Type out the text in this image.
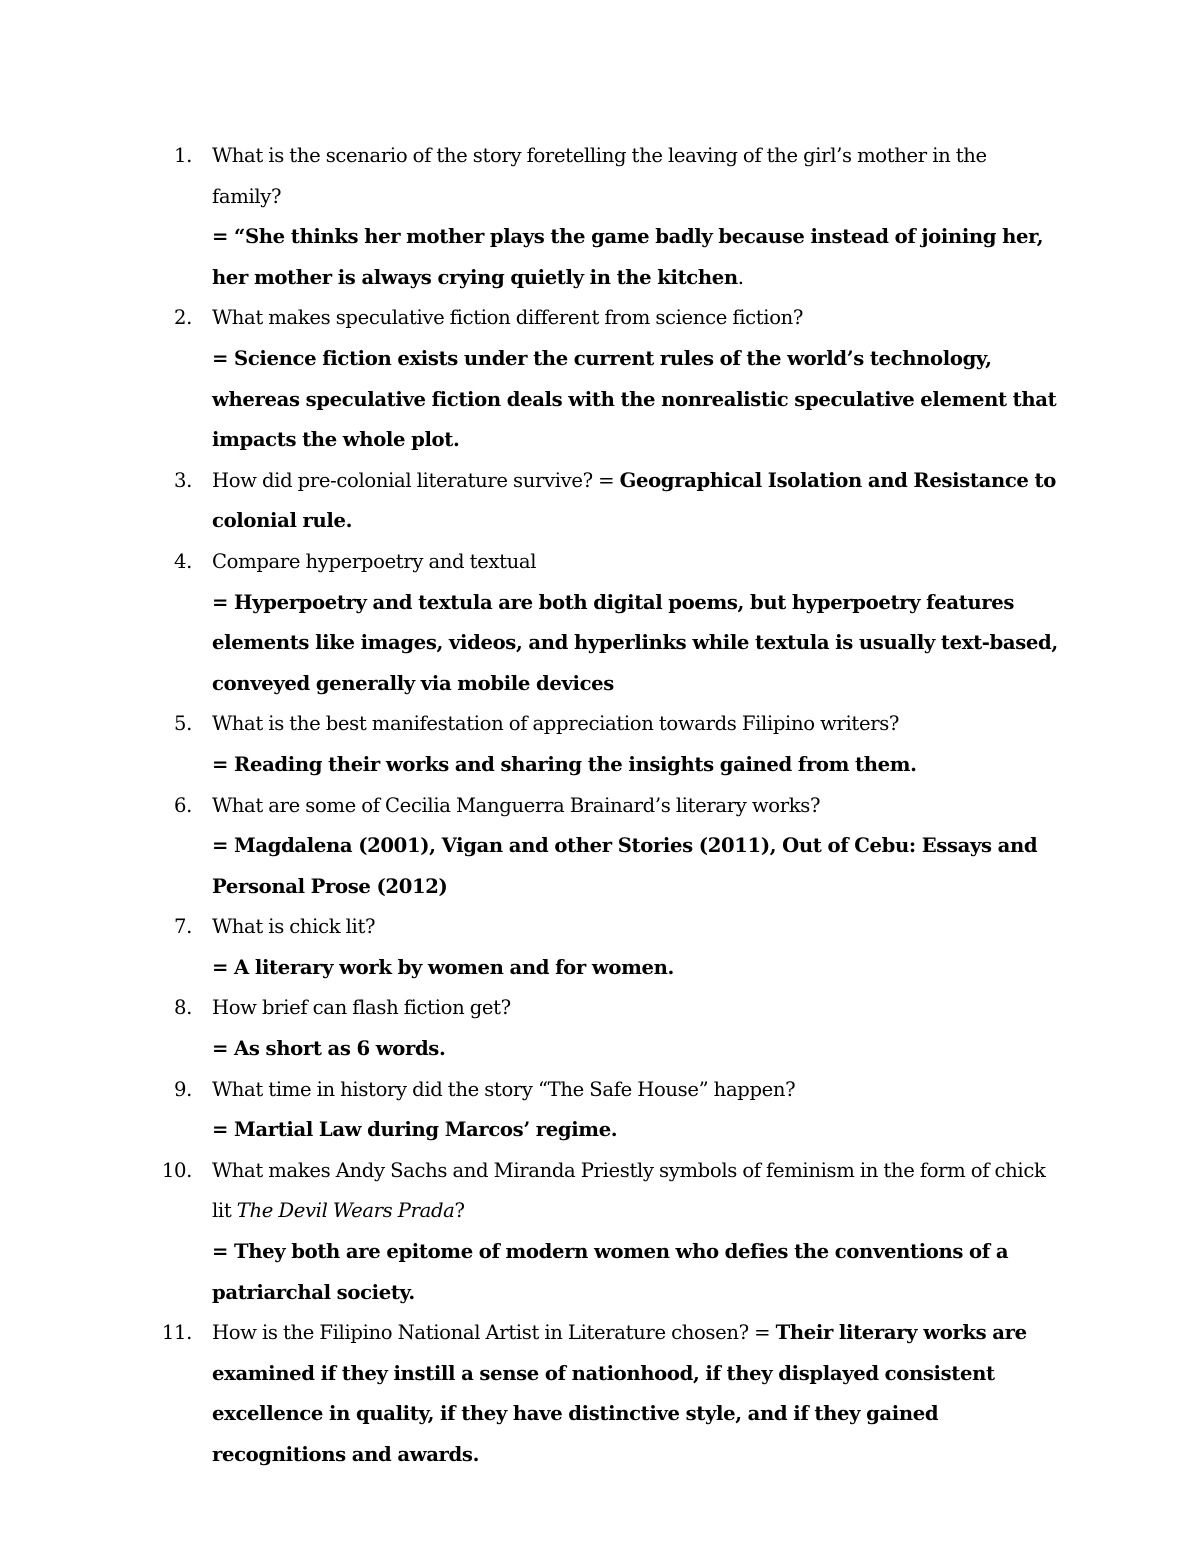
1. What is the scenario of the story foretelling the leaving of the girl’s mother in the family?
= “She thinks her mother plays the game badly because instead of joining her, her mother is always crying quietly in the kitchen.
2. What makes speculative fiction different from science fiction?
= Science fiction exists under the current rules of the world’s technology, whereas speculative fiction deals with the nonrealistic speculative element that impacts the whole plot.
3. How did pre-colonial literature survive? = Geographical Isolation and Resistance to colonial rule.
4. Compare hyperpoetry and textual
= Hyperpoetry and textula are both digital poems, but hyperpoetry features elements like images, videos, and hyperlinks while textula is usually text-based, conveyed generally via mobile devices
5. What is the best manifestation of appreciation towards Filipino writers?
= Reading their works and sharing the insights gained from them.
6. What are some of Cecilia Manguerra Brainard’s literary works?
= Magdalena (2001), Vigan and other Stories (2011), Out of Cebu: Essays and Personal Prose (2012)
7. What is chick lit?
= A literary work by women and for women.
8. How brief can flash fiction get?
= As short as 6 words.
9. What time in history did the story “The Safe House” happen?
= Martial Law during Marcos’ regime.
10. What makes Andy Sachs and Miranda Priestly symbols of feminism in the form of chick lit The Devil Wears Prada?
= They both are epitome of modern women who defies the conventions of a patriarchal society.
11. How is the Filipino National Artist in Literature chosen? = Their literary works are examined if they instill a sense of nationhood, if they displayed consistent excellence in quality, if they have distinctive style, and if they gained recognitions and awards.
